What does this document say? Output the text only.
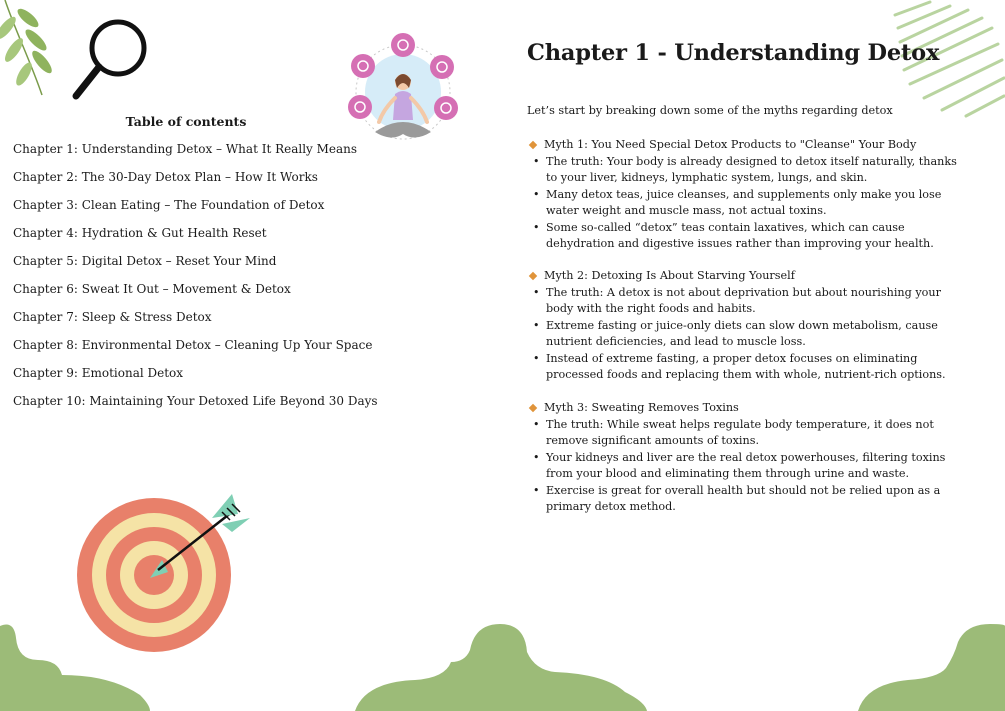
Table of contents
Chapter 1: Understanding Detox – What It Really Means
Chapter 2: The 30-Day Detox Plan – How It Works
Chapter 3: Clean Eating – The Foundation of Detox
Chapter 4: Hydration & Gut Health Reset
Chapter 5: Digital Detox – Reset Your Mind
Chapter 6: Sweat It Out – Movement & Detox
Chapter 7: Sleep & Stress Detox
Chapter 8: Environmental Detox – Cleaning Up Your Space
Chapter 9: Emotional Detox
Chapter 10: Maintaining Your Detoxed Life Beyond 30 Days
Chapter 1 - Understanding Detox
Let’s start by breaking down some of the myths regarding detox
Myth 1: You Need Special Detox Products to "Cleanse" Your Body
• The truth: Your body is already designed to detox itself naturally, thanks to your liver, kidneys, lymphatic system, lungs, and skin.
• Many detox teas, juice cleanses, and supplements only make you lose water weight and muscle mass, not actual toxins.
• Some so-called “detox” teas contain laxatives, which can cause dehydration and digestive issues rather than improving your health.
Myth 2: Detoxing Is About Starving Yourself
• The truth: A detox is not about deprivation but about nourishing your body with the right foods and habits.
• Extreme fasting or juice-only diets can slow down metabolism, cause nutrient deficiencies, and lead to muscle loss.
• Instead of extreme fasting, a proper detox focuses on eliminating processed foods and replacing them with whole, nutrient-rich options.
Myth 3: Sweating Removes Toxins
• The truth: While sweat helps regulate body temperature, it does not remove significant amounts of toxins.
• Your kidneys and liver are the real detox powerhouses, filtering toxins from your blood and eliminating them through urine and waste.
• Exercise is great for overall health but should not be relied upon as a primary detox method.
